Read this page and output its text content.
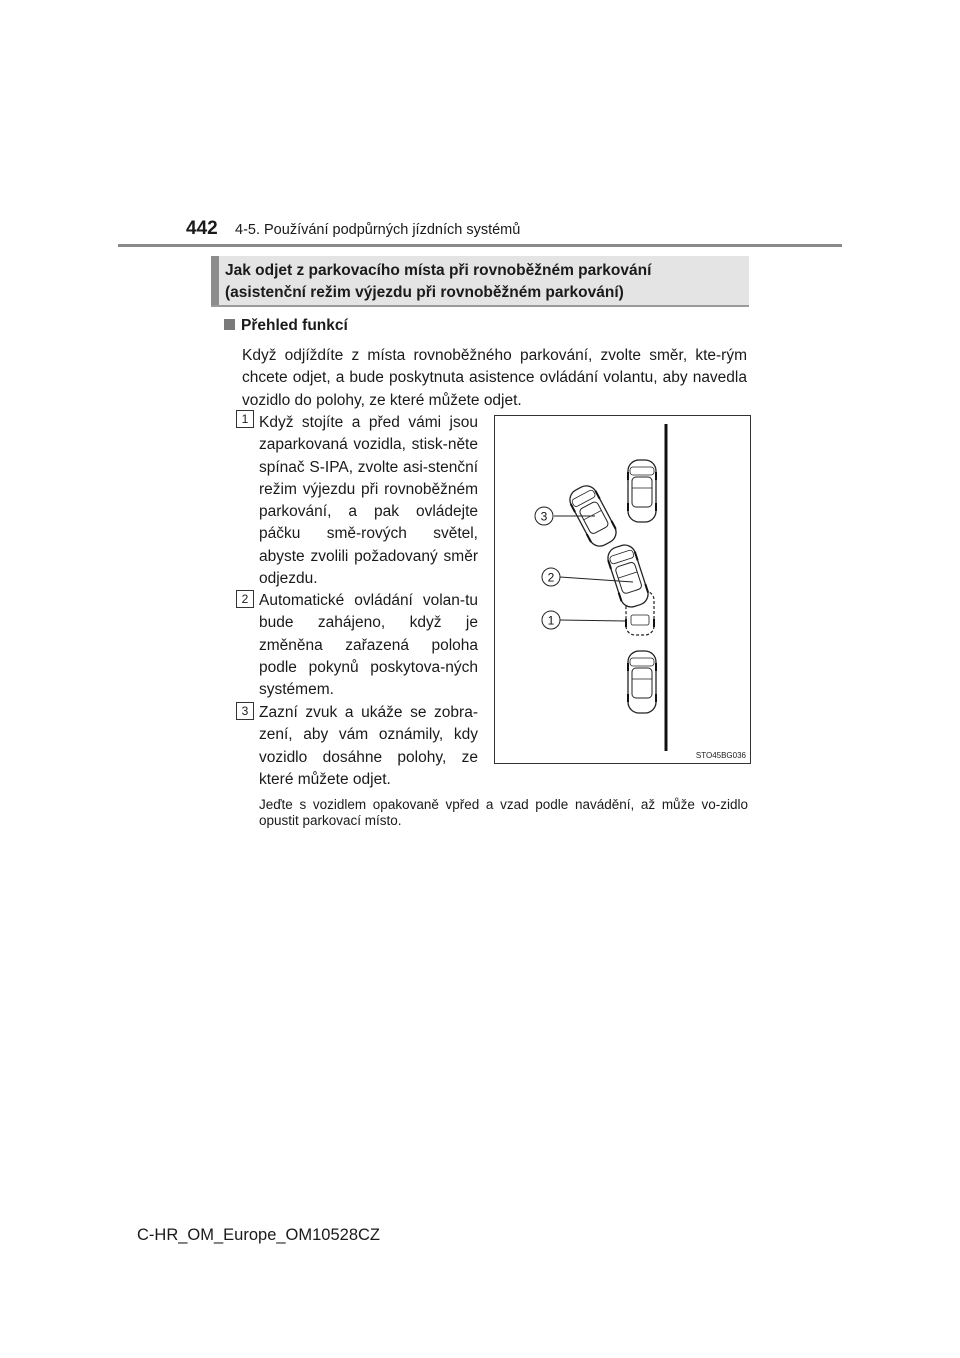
442 4-5. Používání podpůrných jízdních systémů
Jak odjet z parkovacího místa při rovnoběžném parkování
(asistenční režim výjezdu při rovnoběžném parkování)
Přehled funkcí
Když odjíždíte z místa rovnoběžného parkování, zvolte směr, kte-rým chcete odjet, a bude poskytnuta asistence ovládání volantu, aby navedla vozidlo do polohy, ze které můžete odjet.
1 Když stojíte a před vámi jsou zaparkovaná vozidla, stisk-něte spínač S-IPA, zvolte asi-stenční režim výjezdu při rovnoběžném parkování, a pak ovládejte páčku smě-rových světel, abyste zvolili požadovaný směr odjezdu.
2 Automatické ovládání volan-tu bude zahájeno, když je změněna zařazená poloha podle pokynů poskytova-ných systémem.
3 Zazní zvuk a ukáže se zobra-zení, aby vám oznámily, kdy vozidlo dosáhne polohy, ze které můžete odjet.
3
2
1
STO45BG036
Jeďte s vozidlem opakovaně vpřed a vzad podle navádění, až může vo-zidlo opustit parkovací místo.
C-HR_OM_Europe_OM10528CZ
